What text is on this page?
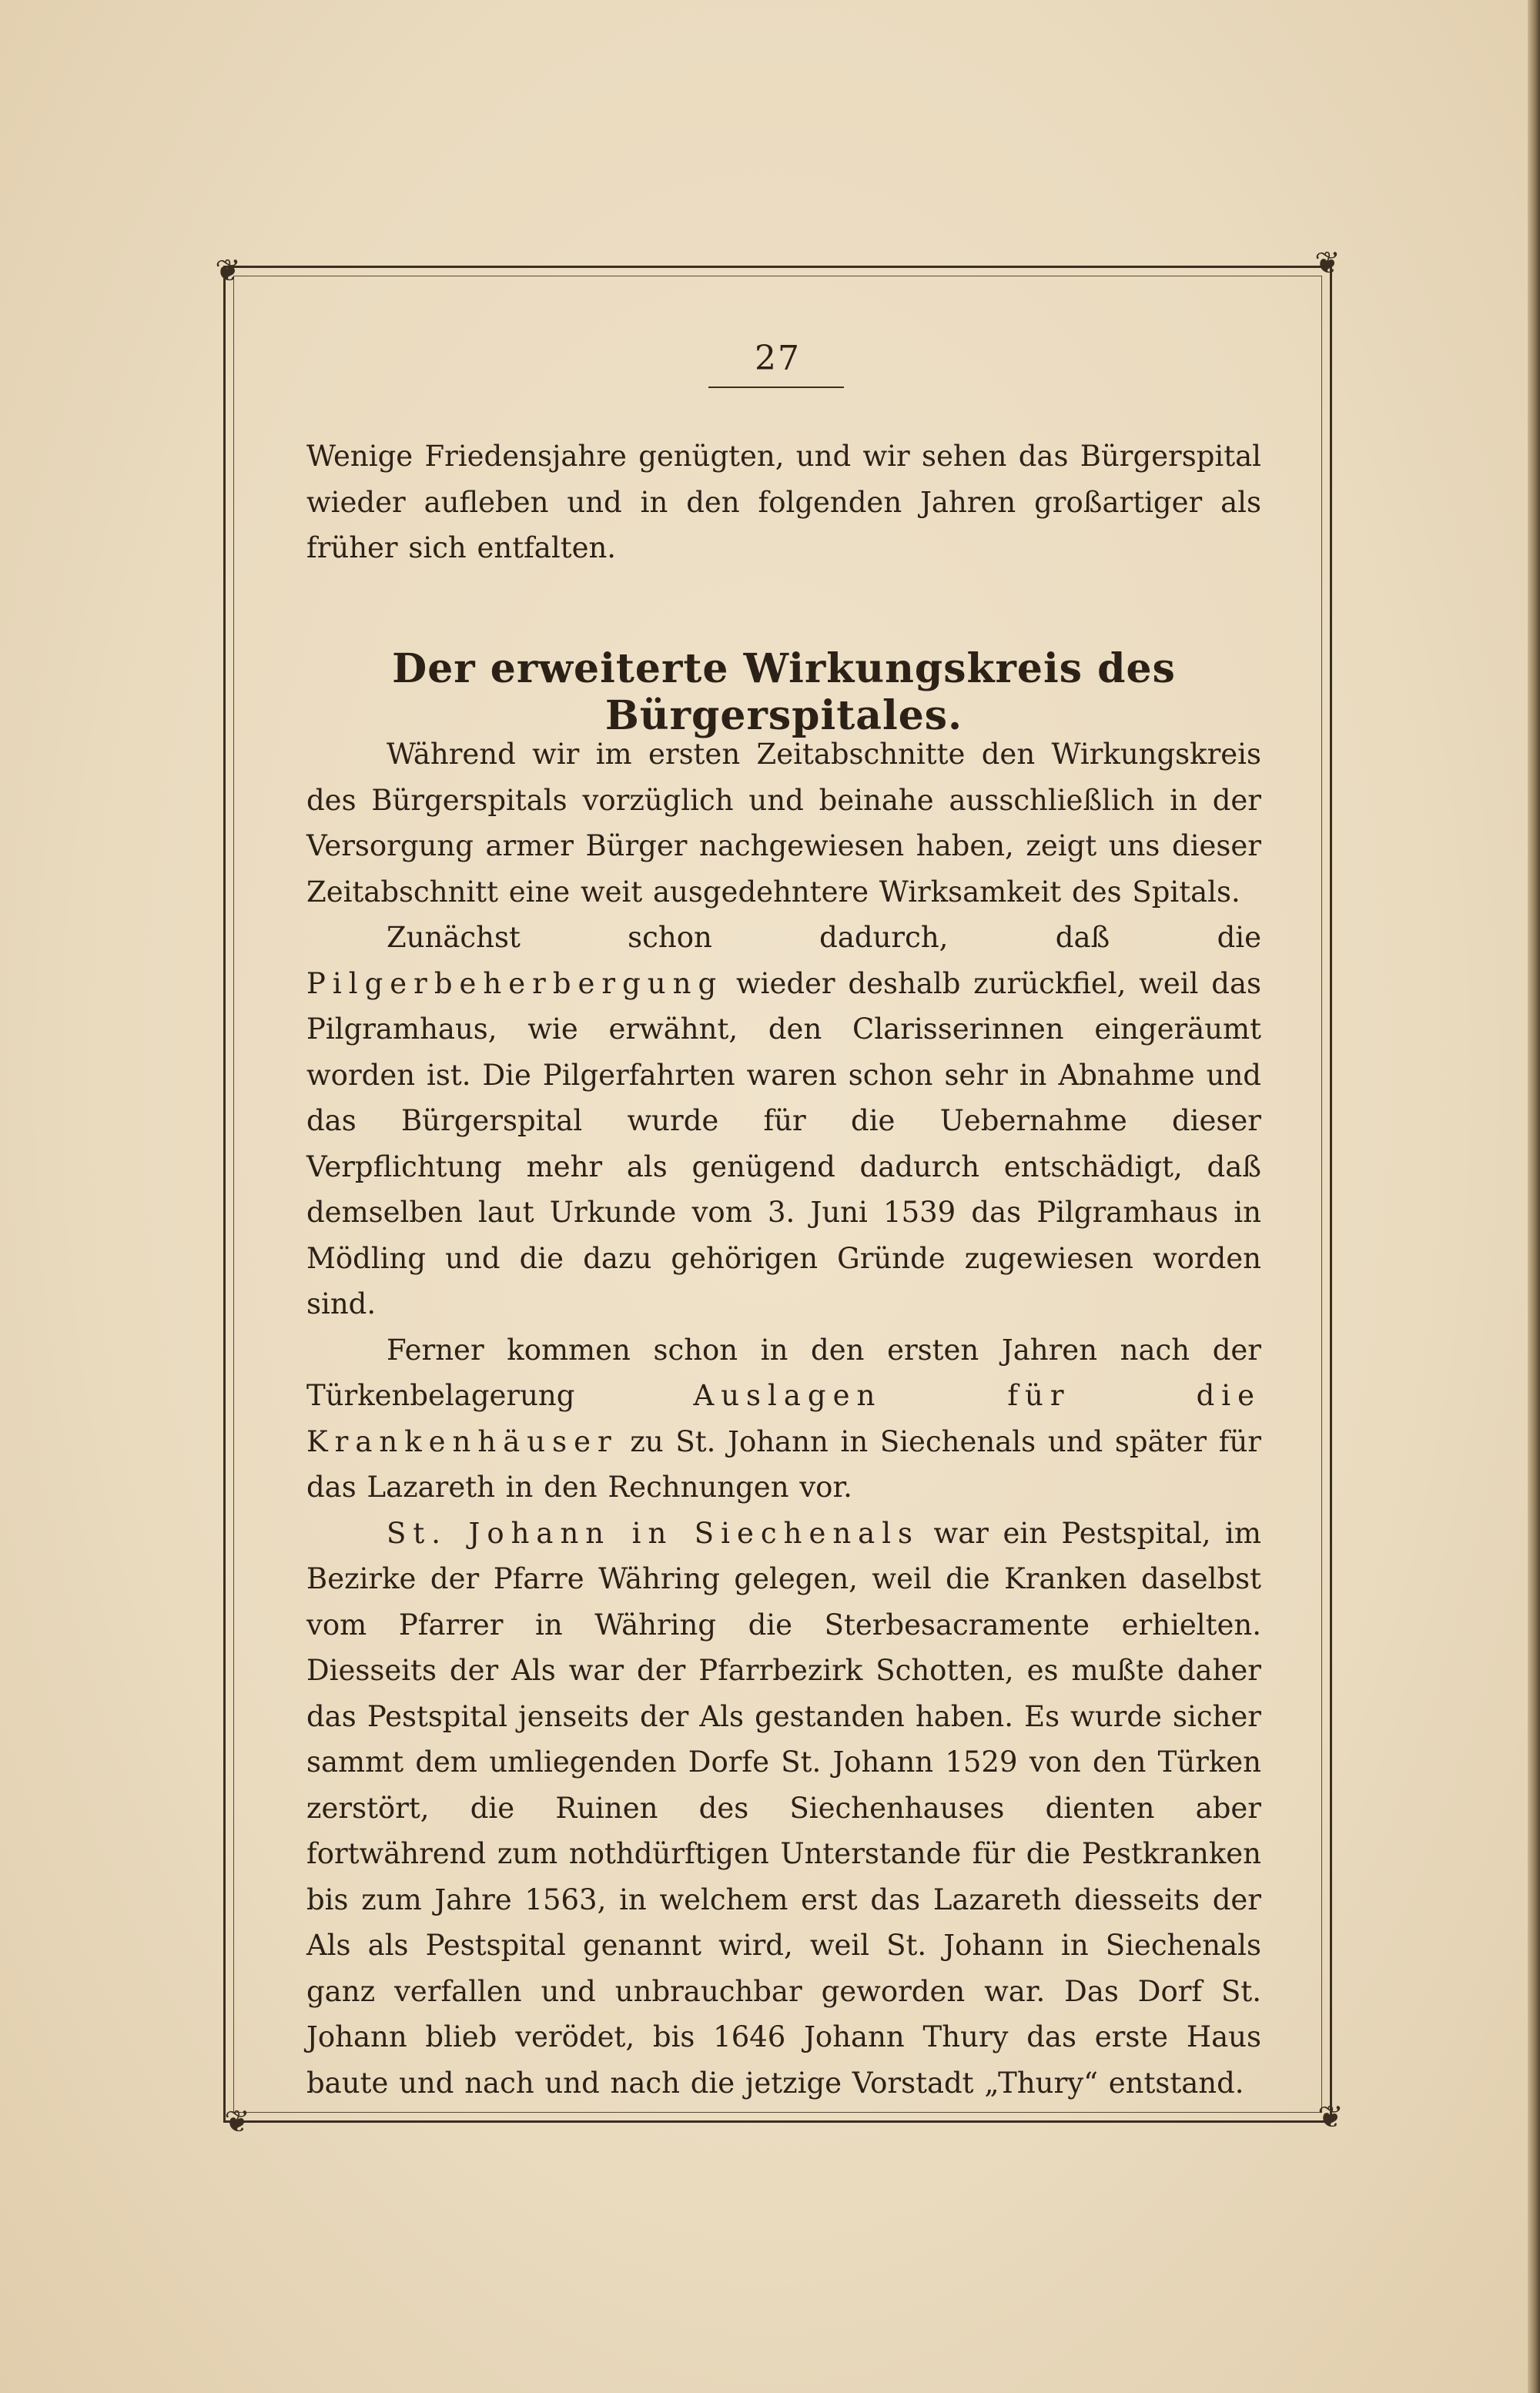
❦	❦
❦	❦
27

Wenige Friedensjahre genügten, und wir sehen das Bürgerspital wieder aufleben und in den folgenden Jahren großartiger als früher sich entfalten.

Der erweiterte Wirkungskreis des Bürgerspitales.

Während wir im ersten Zeitabschnitte den Wirkungskreis des Bürgerspitals vorzüglich und beinahe ausschließlich in der Versorgung armer Bürger nachgewiesen haben, zeigt uns dieser Zeitabschnitt eine weit ausgedehntere Wirksamkeit des Spitals.

Zunächst schon dadurch, daß die Pilgerbeherbergung wieder deshalb zurückfiel, weil das Pilgramhaus, wie erwähnt, den Clarisserinnen eingeräumt worden ist. Die Pilgerfahrten waren schon sehr in Abnahme und das Bürgerspital wurde für die Uebernahme dieser Verpflichtung mehr als genügend dadurch entschädigt, daß demselben laut Urkunde vom 3. Juni 1539 das Pilgramhaus in Mödling und die dazu gehörigen Gründe zugewiesen worden sind.

Ferner kommen schon in den ersten Jahren nach der Türkenbelagerung Auslagen für die Krankenhäuser zu St. Johann in Siechenals und später für das Lazareth in den Rechnungen vor.

St. Johann in Siechenals war ein Pestspital, im Bezirke der Pfarre Währing gelegen, weil die Kranken daselbst vom Pfarrer in Währing die Sterbesacramente erhielten. Diesseits der Als war der Pfarrbezirk Schotten, es mußte daher das Pestspital jenseits der Als gestanden haben. Es wurde sicher sammt dem umliegenden Dorfe St. Johann 1529 von den Türken zerstört, die Ruinen des Siechenhauses dienten aber fortwährend zum nothdürftigen Unterstande für die Pestkranken bis zum Jahre 1563, in welchem erst das Lazareth diesseits der Als als Pestspital genannt wird, weil St. Johann in Siechenals ganz verfallen und unbrauchbar geworden war. Das Dorf St. Johann blieb verödet, bis 1646 Johann Thury das erste Haus baute und nach und nach die jetzige Vorstadt „Thury“ entstand.
